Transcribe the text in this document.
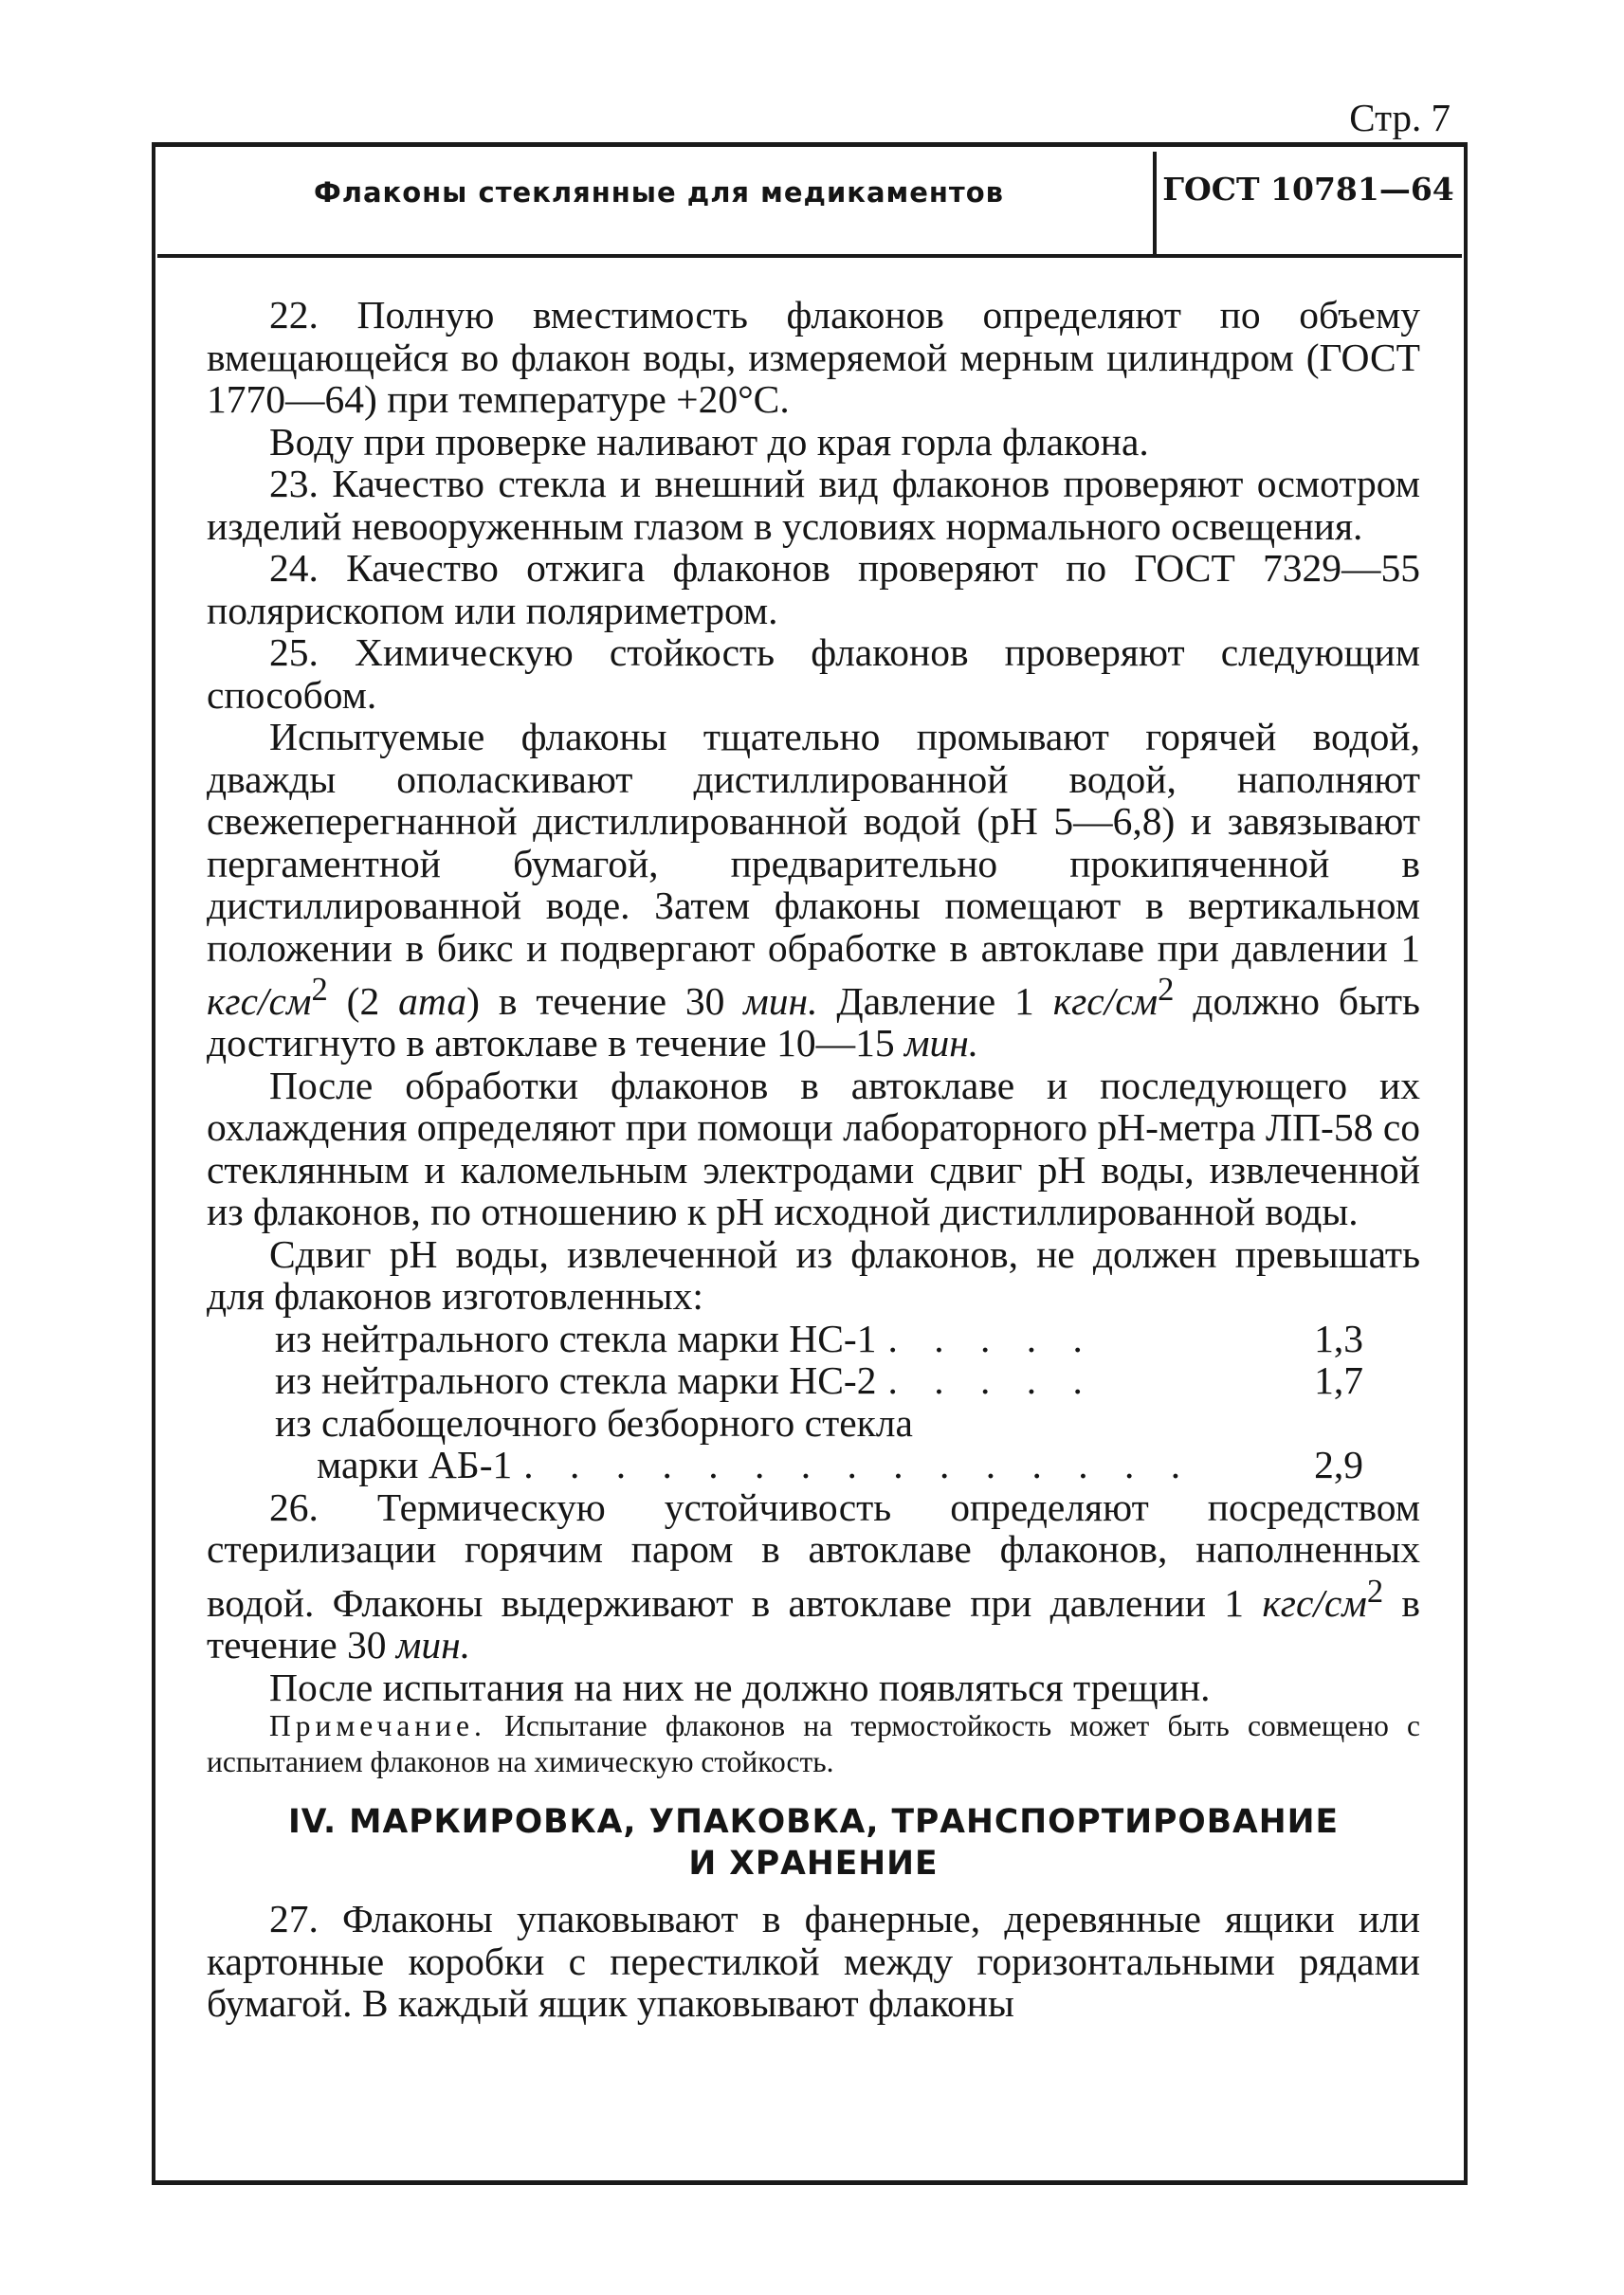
Стр. 7
Флаконы стеклянные для медикаментов	ГОСТ 10781—64

22. Полную вместимость флаконов определяют по объему вмещающейся во флакон воды, измеряемой мерным цилиндром (ГОСТ 1770—64) при температуре +20°С.

Воду при проверке наливают до края горла флакона.

23. Качество стекла и внешний вид флаконов проверяют осмотром изделий невооруженным глазом в условиях нормального освещения.

24. Качество отжига флаконов проверяют по ГОСТ 7329—55 полярископом или поляриметром.

25. Химическую стойкость флаконов проверяют следующим способом.

Испытуемые флаконы тщательно промывают горячей водой, дважды ополаскивают дистиллированной водой, наполняют свежеперегнанной дистиллированной водой (рН 5—6,8) и завязывают пергаментной бумагой, предварительно прокипяченной в дистиллированной воде. Затем флаконы помещают в вертикальном положении в бикс и подвергают обработке в автоклаве при давлении 1 кгс/$см^2$ (2 ата) в течение 30 мин. Давление 1 кгс/$см^2$ должно быть достигнуто в автоклаве в течение 10—15 мин.

После обработки флаконов в автоклаве и последующего их охлаждения определяют при помощи лабораторного рН-метра ЛП-58 со стеклянным и каломельным электродами сдвиг рН воды, извлеченной из флаконов, по отношению к рН исходной дистиллированной воды.

Сдвиг рН воды, извлеченной из флаконов, не должен превышать для флаконов изготовленных:

из нейтрального стекла марки НС-1 . . . . .	1,3
из нейтрального стекла марки НС-2 . . . . .	1,7
из слабощелочного безборного стекла
марки АБ-1 . . . . . . . . . . . . . . .	2,9

26. Термическую устойчивость определяют посредством стерилизации горячим паром в автоклаве флаконов, наполненных водой. Флаконы выдерживают в автоклаве при давлении 1 кгс/$см^2$ в течение 30 мин.

После испытания на них не должно появляться трещин.

Примечание. Испытание флаконов на термостойкость может быть совмещено с испытанием флаконов на химическую стойкость.

IV. МАРКИРОВКА, УПАКОВКА, ТРАНСПОРТИРОВАНИЕ
И ХРАНЕНИЕ

27. Флаконы упаковывают в фанерные, деревянные ящики или картонные коробки с перестилкой между горизонтальными рядами бумагой. В каждый ящик упаковывают флаконы
